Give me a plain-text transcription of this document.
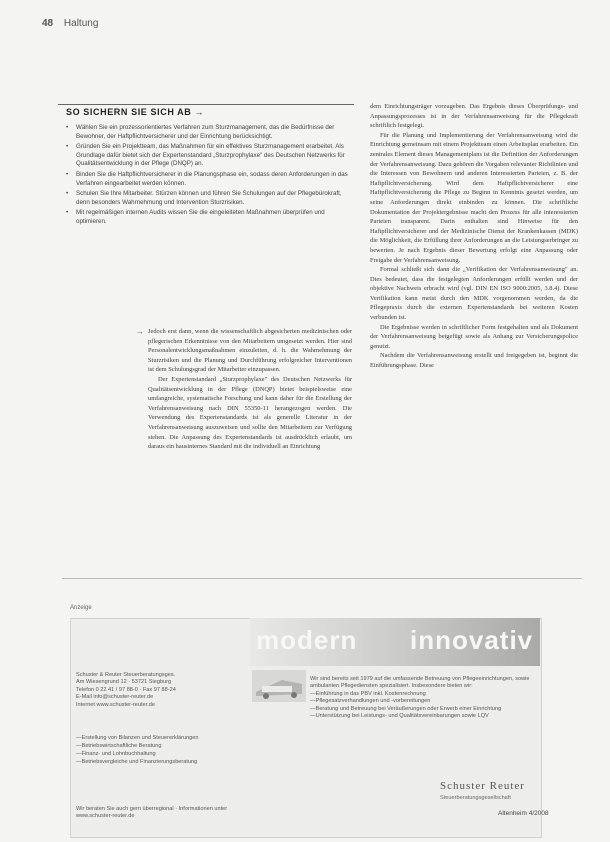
48 Haltung
SO SICHERN SIE SICH AB →
• Wählen Sie ein prozessorientiertes Verfahren zum Sturzmanagement, das die Bedürfnisse der Bewohner, der Haftpflichtversicherer und der Einrichtung berücksichtigt.
• Gründen Sie ein Projektteam, das Maßnahmen für ein effektives Sturzmanagement erarbeitet. Als Grundlage dafür bietet sich der Expertenstandard „Sturzprophylaxe" des Deutschen Netzwerks für Qualitätsentwicklung in der Pflege (DNQP) an.
• Binden Sie die Haftpflichtversicherer in die Planungsphase ein, sodass deren Anforderungen in das Verfahren eingearbeitet werden können.
• Schulen Sie Ihre Mitarbeiter. Stürzen können und führen Sie Schulungen auf der Pflegebürokraft, denn besonders Wahrnehmung und Intervention Sturzrisiken.
• Mit regelmäßigen internen Audits wissen Sie die eingeleiteten Maßnahmen überprüfen und optimieren.
→ Jedoch erst dann, wenn die wissenschaftlich abgesicherten medizinischen oder pflegerischen Erkenntnisse von den Mitarbeitern umgesetzt werden. Hier sind Personalentwicklungsmaßnahmen einzuleiten, d. h. die Wahrnehmung der Sturzrisiken und die Planung und Durchführung erfolgreicher Interventionen ist dem Schulungsgrad der Mitarbeiter einzupassen.

Der Expertenstandard „Sturzprophylaxe" des Deutschen Netzwerks für Qualitätsentwicklung in der Pflege (DNQP) bietet beispielsweise eine umfangreiche, systematische Forschung und kann daher für die Erstellung der Verfahrensanweisung nach DIN 55350-11 herangezogen werden. Die Verwendung des Expertenstandards ist als generelle Literatur in der Verfahrensanweisung auszuweisen und sollte den Mitarbeitern zur Verfügung stehen. Die Anpassung des Expertenstandards ist ausdrücklich erlaubt, um daraus ein hausinternes Standard mit die individuell an Einrichtung

dem Einrichtungsträger vorzugeben. Das Ergebnis dieses Überprüfungs- und Anpassungsprozesses ist in der Verfahrensanweisung für die Pflegekraft schriftlich festgelegt.

Für die Planung und Implementierung der Verfahrensanweisung wird die Einrichtung gemeinsam mit einem Projektteam einen Arbeitsplan erarbeiten. Ein zentrales Element dieses Managementplans ist die Definition der Anforderungen der Verfahrensanweisung. Dazu gehören die Vorgaben relevanter Richtlinien und die Interessen von Bewohnern und anderen Interessierten Parteien, z. B. der Haftpflichtversicherung. Wird dem Haftpflichtversicherer eine Haftpflichtversicherung die Pflege zu Beginn in Kenntnis gesetzt werden, um seine Anforderungen direkt einbinden zu können. Die schriftliche Dokumentation der Projektergebnisse macht den Prozess für alle interessierten Parteien transparent. Darin enthalten sind Hinweise für den Haftpflichtversicherer und der Medizinische Dienst der Krankenkassen (MDK) die Möglichkeit, die Erfüllung ihrer Anforderungen an die Leistungserbringer zu bewerten. Je nach Ergebnis dieser Bewertung erfolgt eine Anpassung oder Freigabe der Verfahrensanweisung.

Formal schließt sich dann die „Verifikation der Verfahrensanweisung" an. Dies bedeutet, dass die festgelegten Anforderungen erfüllt werden und der objektive Nachweis erbracht wird (vgl. DIN EN ISO 9000:2005, 3.8.4). Diese Verifikation kann meist durch den MDK vorgenommen werden, da die Pflegepraxis durch die externen Expertenstandards bei weiteren Kosten verbunden ist.

Die Ergebnisse werden in schriftlicher Form festgehalten und als Dokument der Verfahrensanweisung beigefügt sowie als Anhang zur Versicherungspolice genutzt.

Nachdem die Verfahrensanweisung erstellt und freigegeben ist, beginnt die Einführungsphase. Diese

Anzeige
modern innovativ
Schuster & Reuter Steuerberatungsges.
Am Wiesengrund 12 · 53721 Siegburg
Telefon 0 22 41 / 97 88-0 · Fax 97 88-24
E-Mail info@schuster-reuter.de
Internet www.schuster-reuter.de
— Erstellung von Bilanzen und Steuererklärungen
— Betriebswirtschaftliche Beratung
— Finanz- und Lohnbuchhaltung
— Betriebsvergleiche und Finanzierungsberatung
Wir beraten Sie auch gern überregional · Informationen unter
www.schuster-reuter.de
Wir sind bereits seit 1979 auf die umfassende Betreuung von Pflegeeinrichtungen, sowie ambulanten Pflegediensten spezialisiert. Insbesondere bieten wir:
— Einführung in das PBV inkl. Kostenrechnung
— Pflegesatzverhandlungen und -vorbereitungen
— Beratung und Betreuung bei Veräußerungen oder Erwerb einer Einrichtung
— Unterstützung bei Leistungs- und Qualitätsvereinbarungen sowie LQV
Schuster Reuter
Steuerberatungsgesellschaft
Altenheim 4/2008
